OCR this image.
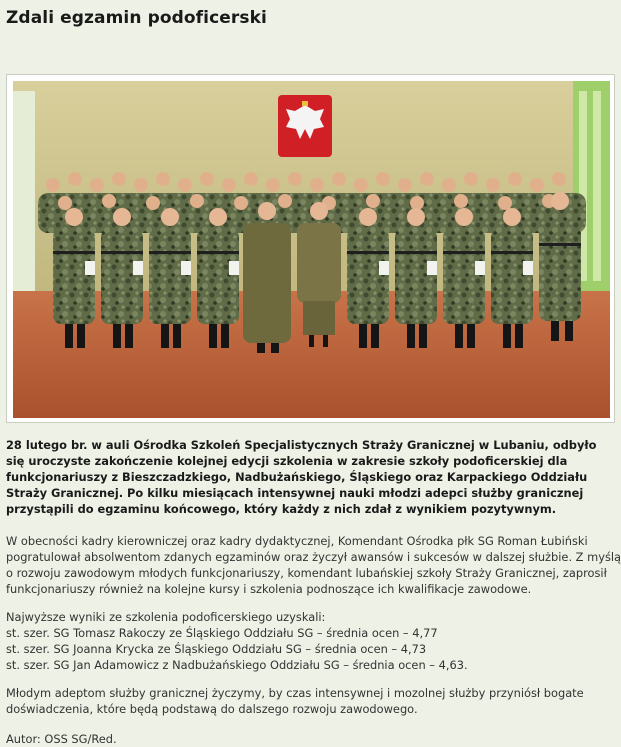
Zdali egzamin podoficerski

28 lutego br. w auli Ośrodka Szkoleń Specjalistycznych Straży Granicznej w Lubaniu, odbyło
się uroczyste zakończenie kolejnej edycji szkolenia w zakresie szkoły podoficerskiej dla
funkcjonariuszy z Bieszczadzkiego, Nadbużańskiego, Śląskiego oraz Karpackiego Oddziału
Straży Granicznej. Po kilku miesiącach intensywnej nauki młodzi adepci służby granicznej
przystąpili do egzaminu końcowego, który każdy z nich zdał z wynikiem pozytywnym.

W obecności kadry kierowniczej oraz kadry dydaktycznej, Komendant Ośrodka płk SG Roman Łubiński
pogratulował absolwentom zdanych egzaminów oraz życzył awansów i sukcesów w dalszej służbie. Z myślą
o rozwoju zawodowym młodych funkcjonariuszy, komendant lubańskiej szkoły Straży Granicznej, zaprosił
funkcjonariuszy również na kolejne kursy i szkolenia podnoszące ich kwalifikacje zawodowe.

Najwyższe wyniki ze szkolenia podoficerskiego uzyskali:
st. szer. SG Tomasz Rakoczy ze Śląskiego Oddziału SG – średnia ocen – 4,77
st. szer. SG Joanna Krycka ze Śląskiego Oddziału SG – średnia ocen – 4,73
st. szer. SG Jan Adamowicz z Nadbużańskiego Oddziału SG – średnia ocen – 4,63.

Młodym adeptom służby granicznej życzymy, by czas intensywnej i mozolnej służby przyniósł bogate
doświadczenia, które będą podstawą do dalszego rozwoju zawodowego.

Autor: OSS SG/Red.
